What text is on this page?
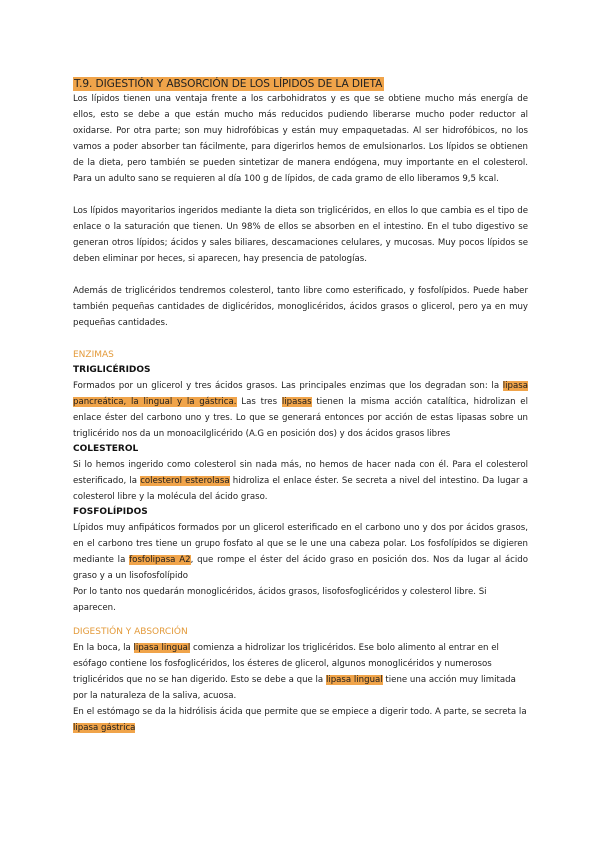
T.9. DIGESTIÓN Y ABSORCIÓN DE LOS LÍPIDOS DE LA DIETA

Los lípidos tienen una ventaja frente a los carbohidratos y es que se obtiene mucho más energía de ellos, esto se debe a que están mucho más reducidos pudiendo liberarse mucho poder reductor al oxidarse. Por otra parte; son muy hidrofóbicas y están muy empaquetadas. Al ser hidrofóbicos, no los vamos a poder absorber tan fácilmente, para digerirlos hemos de emulsionarlos. Los lípidos se obtienen de la dieta, pero también se pueden sintetizar de manera endógena, muy importante en el colesterol. Para un adulto sano se requieren al día 100 g de lípidos, de cada gramo de ello liberamos 9,5 kcal.

Los lípidos mayoritarios ingeridos mediante la dieta son triglicéridos, en ellos lo que cambia es el tipo de enlace o la saturación que tienen. Un 98% de ellos se absorben en el intestino. En el tubo digestivo se generan otros lípidos; ácidos y sales biliares, descamaciones celulares, y mucosas. Muy pocos lípidos se deben eliminar por heces, si aparecen, hay presencia de patologías.

Además de triglicéridos tendremos colesterol, tanto libre como esterificado, y fosfolípidos. Puede haber también pequeñas cantidades de diglicéridos, monoglicéridos, ácidos grasos o glicerol, pero ya en muy pequeñas cantidades.

ENZIMAS
TRIGLICÉRIDOS

Formados por un glicerol y tres ácidos grasos. Las principales enzimas que los degradan son: la lipasa pancreática, la lingual y la gástrica. Las tres lipasas tienen la misma acción catalítica, hidrolizan el enlace éster del carbono uno y tres. Lo que se generará entonces por acción de estas lipasas sobre un triglicérido nos da un monoacilglicérido (A.G en posición dos) y dos ácidos grasos libres

COLESTEROL

Si lo hemos ingerido como colesterol sin nada más, no hemos de hacer nada con él. Para el colesterol esterificado, la colesterol esterolasa hidroliza el enlace éster. Se secreta a nivel del intestino. Da lugar a colesterol libre y la molécula del ácido graso.

FOSFOLÍPIDOS

Lípidos muy anfipáticos formados por un glicerol esterificado en el carbono uno y dos por ácidos grasos, en el carbono tres tiene un grupo fosfato al que se le une una cabeza polar. Los fosfolípidos se digieren mediante la fosfolipasa A2, que rompe el éster del ácido graso en posición dos. Nos da lugar al ácido graso y a un lisofosfolípido

Por lo tanto nos quedarán monoglicéridos, ácidos grasos, lisofosfoglicéridos y colesterol libre. Si aparecen.

DIGESTIÓN Y ABSORCIÓN

En la boca, la lipasa lingual comienza a hidrolizar los triglicéridos. Ese bolo alimento al entrar en el esófago contiene los fosfoglicéridos, los ésteres de glicerol, algunos monoglicéridos y numerosos triglicéridos que no se han digerido. Esto se debe a que la lipasa lingual tiene una acción muy limitada por la naturaleza de la saliva, acuosa.

En el estómago se da la hidrólisis ácida que permite que se empiece a digerir todo. A parte, se secreta la lipasa gástrica
